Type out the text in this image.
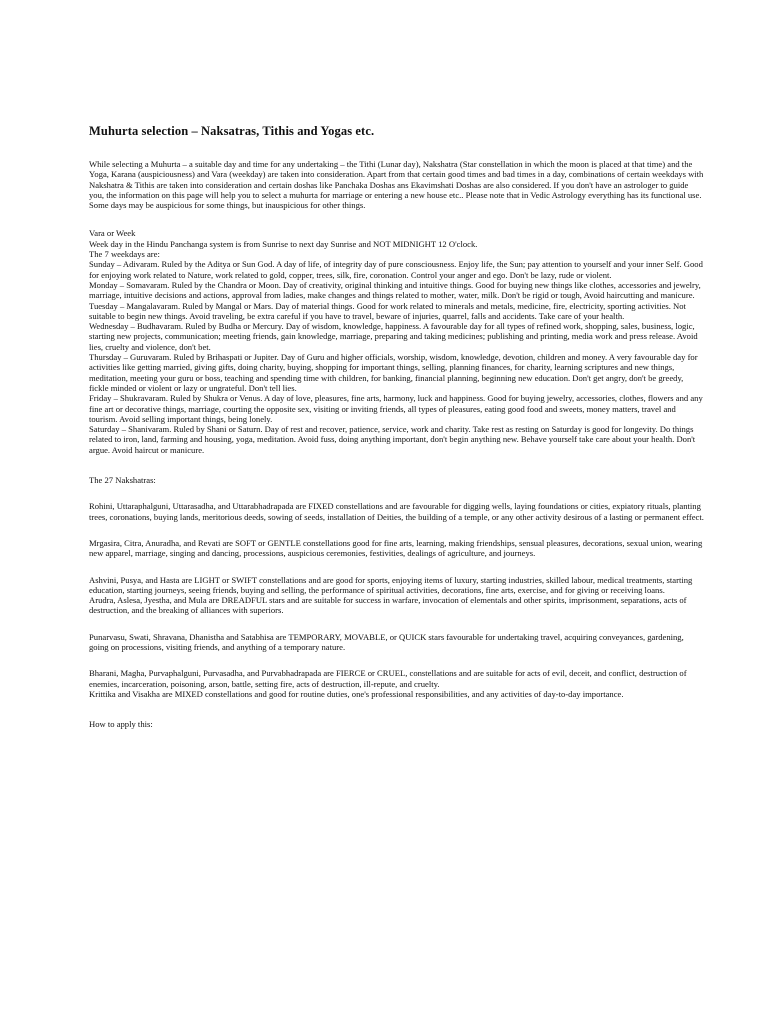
Muhurta selection – Naksatras, Tithis and Yogas etc.

While selecting a Muhurta – a suitable day and time for any undertaking – the Tithi (Lunar day), Nakshatra (Star constellation in which the moon is placed at that time) and the Yoga, Karana (auspiciousness) and Vara (weekday) are taken into consideration. Apart from that certain good times and bad times in a day, combinations of certain weekdays with Nakshatra & Tithis are taken into consideration and certain doshas like Panchaka Doshas ans Ekavimshati Doshas are also considered. If you don't have an astrologer to guide you, the information on this page will help you to select a muhurta for marriage or entering a new house etc.. Please note that in Vedic Astrology everything has its functional use. Some days may be auspicious for some things, but inauspicious for other things.

Vara or Week

Week day in the Hindu Panchanga system is from Sunrise to next day Sunrise and NOT MIDNIGHT 12 O'clock.

The 7 weekdays are:

Sunday – Adivaram. Ruled by the Aditya or Sun God. A day of life, of integrity day of pure consciousness. Enjoy life, the Sun; pay attention to yourself and your inner Self. Good for enjoying work related to Nature, work related to gold, copper, trees, silk, fire, coronation. Control your anger and ego. Don't be lazy, rude or violent.

Monday – Somavaram. Ruled by the Chandra or Moon. Day of creativity, original thinking and intuitive things. Good for buying new things like clothes, accessories and jewelry, marriage, intuitive decisions and actions, approval from ladies, make changes and things related to mother, water, milk. Don't be rigid or tough, Avoid haircutting and manicure.

Tuesday – Mangalavaram. Ruled by Mangal or Mars. Day of material things. Good for work related to minerals and metals, medicine, fire, electricity, sporting activities. Not suitable to begin new things. Avoid traveling, be extra careful if you have to travel, beware of injuries, quarrel, falls and accidents. Take care of your health.

Wednesday – Budhavaram. Ruled by Budha or Mercury. Day of wisdom, knowledge, happiness. A favourable day for all types of refined work, shopping, sales, business, logic, starting new projects, communication; meeting friends, gain knowledge, marriage, preparing and taking medicines; publishing and printing, media work and press release. Avoid lies, cruelty and violence, don't bet.

Thursday – Guruvaram. Ruled by Brihaspati or Jupiter. Day of Guru and higher officials, worship, wisdom, knowledge, devotion, children and money. A very favourable day for activities like getting married, giving gifts, doing charity, buying, shopping for important things, selling, planning finances, for charity, learning scriptures and new things, meditation, meeting your guru or boss, teaching and spending time with children, for banking, financial planning, beginning new education. Don't get angry, don't be greedy, fickle minded or violent or lazy or ungrateful. Don't tell lies.

Friday – Shukravaram. Ruled by Shukra or Venus. A day of love, pleasures, fine arts, harmony, luck and happiness. Good for buying jewelry, accessories, clothes, flowers and any fine art or decorative things, marriage, courting the opposite sex, visiting or inviting friends, all types of pleasures, eating good food and sweets, money matters, travel and tourism. Avoid selling important things, being lonely.

Saturday – Shanivaram. Ruled by Shani or Saturn. Day of rest and recover, patience, service, work and charity. Take rest as resting on Saturday is good for longevity. Do things related to iron, land, farming and housing, yoga, meditation. Avoid fuss, doing anything important, don't begin anything new. Behave yourself take care about your health. Don't argue. Avoid haircut or manicure.

The 27 Nakshatras:

Rohini, Uttaraphalguni, Uttarasadha, and Uttarabhadrapada are FIXED constellations and are favourable for digging wells, laying foundations or cities, expiatory rituals, planting trees, coronations, buying lands, meritorious deeds, sowing of seeds, installation of Deities, the building of a temple, or any other activity desirous of a lasting or permanent effect.

Mrgasira, Citra, Anuradha, and Revati are SOFT or GENTLE constellations good for fine arts, learning, making friendships, sensual pleasures, decorations, sexual union, wearing new apparel, marriage, singing and dancing, processions, auspicious ceremonies, festivities, dealings of agriculture, and journeys.

Ashvini, Pusya, and Hasta are LIGHT or SWIFT constellations and are good for sports, enjoying items of luxury, starting industries, skilled labour, medical treatments, starting education, starting journeys, seeing friends, buying and selling, the performance of spiritual activities, decorations, fine arts, exercise, and for giving or receiving loans.

Arudra, Aslesa, Jyestha, and Mula are DREADFUL stars and are suitable for success in warfare, invocation of elementals and other spirits, imprisonment, separations, acts of destruction, and the breaking of alliances with superiors.

Punarvasu, Swati, Shravana, Dhanistha and Satabhisa are TEMPORARY, MOVABLE, or QUICK stars favourable for undertaking travel, acquiring conveyances, gardening, going on processions, visiting friends, and anything of a temporary nature.

Bharani, Magha, Purvaphalguni, Purvasadha, and Purvabhadrapada are FIERCE or CRUEL, constellations and are suitable for acts of evil, deceit, and conflict, destruction of enemies, incarceration, poisoning, arson, battle, setting fire, acts of destruction, ill-repute, and cruelty.

Krittika and Visakha are MIXED constellations and good for routine duties, one's professional responsibilities, and any activities of day-to-day importance.

How to apply this:
